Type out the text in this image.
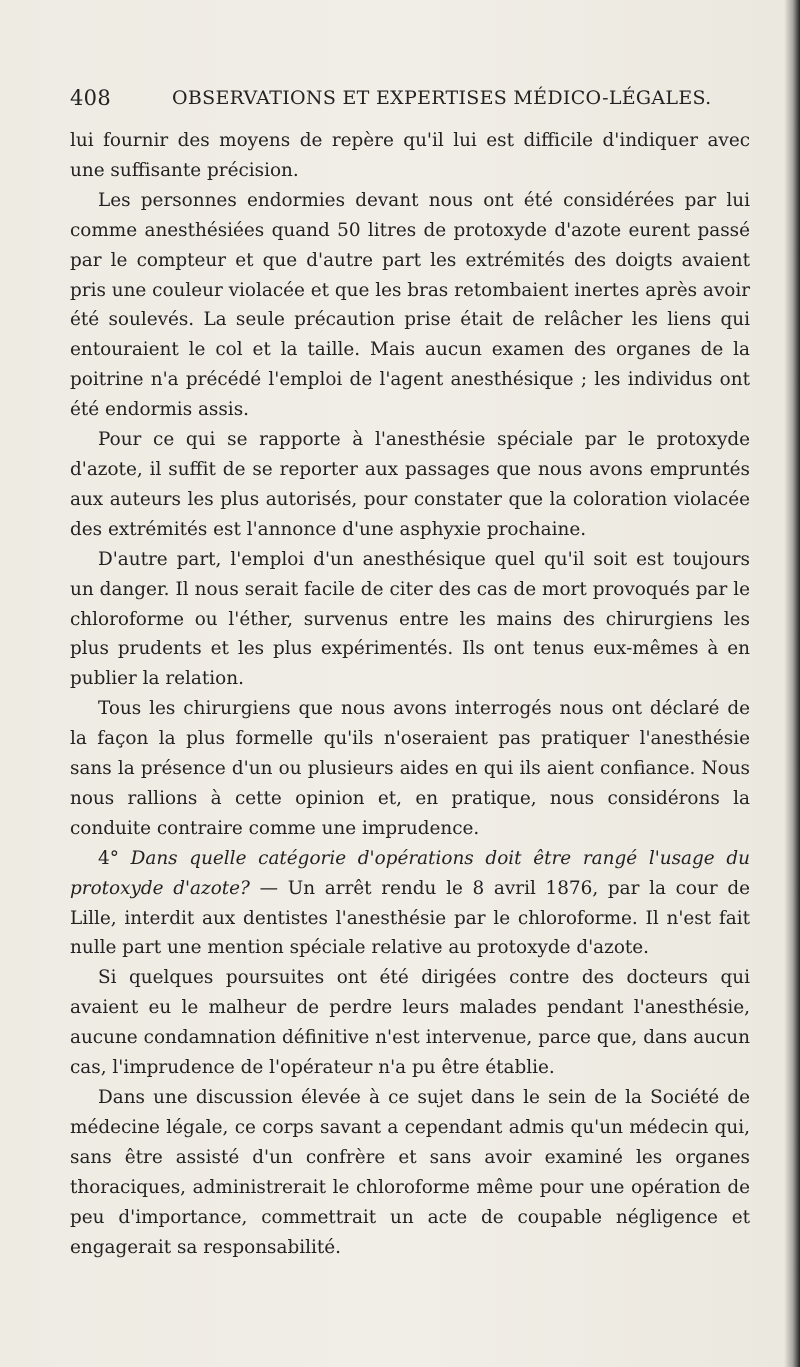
408	OBSERVATIONS ET EXPERTISES MÉDICO-LÉGALES.

lui fournir des moyens de repère qu'il lui est difficile d'indiquer avec une suffisante précision.

Les personnes endormies devant nous ont été considérées par lui comme anesthésiées quand 50 litres de protoxyde d'azote eurent passé par le compteur et que d'autre part les extrémités des doigts avaient pris une couleur violacée et que les bras retombaient inertes après avoir été soulevés. La seule précaution prise était de relâcher les liens qui entouraient le col et la taille. Mais aucun examen des organes de la poitrine n'a précédé l'emploi de l'agent anesthésique ; les individus ont été endormis assis.

Pour ce qui se rapporte à l'anesthésie spéciale par le protoxyde d'azote, il suffit de se reporter aux passages que nous avons empruntés aux auteurs les plus autorisés, pour constater que la coloration violacée des extrémités est l'annonce d'une asphyxie prochaine.

D'autre part, l'emploi d'un anesthésique quel qu'il soit est toujours un danger. Il nous serait facile de citer des cas de mort provoqués par le chloroforme ou l'éther, survenus entre les mains des chirurgiens les plus prudents et les plus expérimentés. Ils ont tenus eux-mêmes à en publier la relation.

Tous les chirurgiens que nous avons interrogés nous ont déclaré de la façon la plus formelle qu'ils n'oseraient pas pratiquer l'anesthésie sans la présence d'un ou plusieurs aides en qui ils aient confiance. Nous nous rallions à cette opinion et, en pratique, nous considérons la conduite contraire comme une imprudence.

4° Dans quelle catégorie d'opérations doit être rangé l'usage du protoxyde d'azote? — Un arrêt rendu le 8 avril 1876, par la cour de Lille, interdit aux dentistes l'anesthésie par le chloroforme. Il n'est fait nulle part une mention spéciale relative au protoxyde d'azote.

Si quelques poursuites ont été dirigées contre des docteurs qui avaient eu le malheur de perdre leurs malades pendant l'anesthésie, aucune condamnation définitive n'est intervenue, parce que, dans aucun cas, l'imprudence de l'opérateur n'a pu être établie.

Dans une discussion élevée à ce sujet dans le sein de la Société de médecine légale, ce corps savant a cependant admis qu'un médecin qui, sans être assisté d'un confrère et sans avoir examiné les organes thoraciques, administrerait le chloroforme même pour une opération de peu d'importance, commettrait un acte de coupable négligence et engagerait sa responsabilité.
